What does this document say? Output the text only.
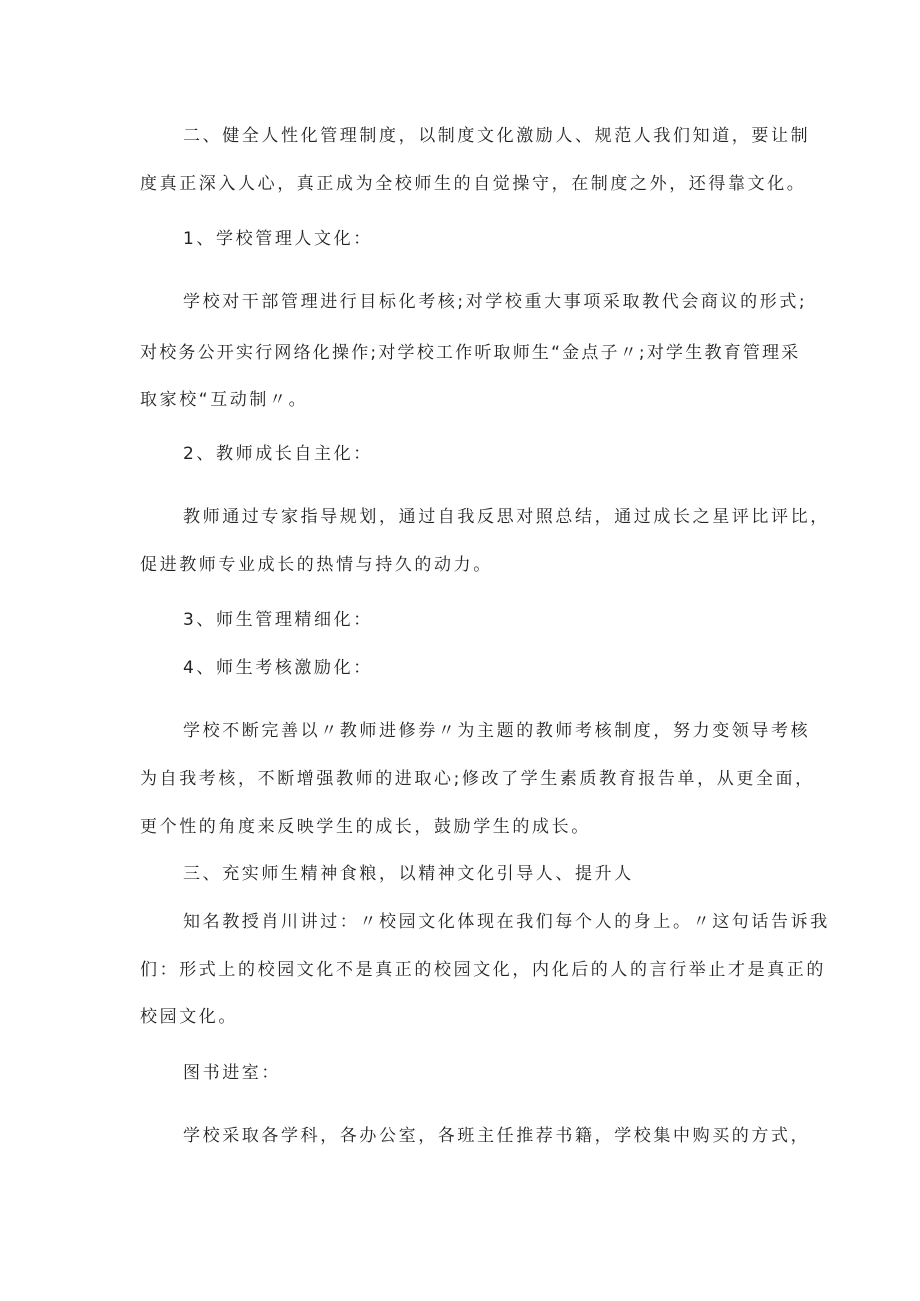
二、健全人性化管理制度，以制度文化激励人、规范人我们知道，要让制
度真正深入人心，真正成为全校师生的自觉操守，在制度之外，还得靠文化。
1、学校管理人文化：
学校对干部管理进行目标化考核;对学校重大事项采取教代会商议的形式;
对校务公开实行网络化操作;对学校工作听取师生“金点子〃;对学生教育管理采
取家校“互动制〃。
2、教师成长自主化：
教师通过专家指导规划，通过自我反思对照总结，通过成长之星评比评比，
促进教师专业成长的热情与持久的动力。
3、师生管理精细化：
4、师生考核激励化：
学校不断完善以〃教师进修券〃为主题的教师考核制度，努力变领导考核
为自我考核，不断增强教师的进取心;修改了学生素质教育报告单，从更全面，
更个性的角度来反映学生的成长，鼓励学生的成长。
三、充实师生精神食粮，以精神文化引导人、提升人
知名教授肖川讲过：〃校园文化体现在我们每个人的身上。〃这句话告诉我
们：形式上的校园文化不是真正的校园文化，内化后的人的言行举止才是真正的
校园文化。
图书进室：
学校采取各学科，各办公室，各班主任推荐书籍，学校集中购买的方式，
